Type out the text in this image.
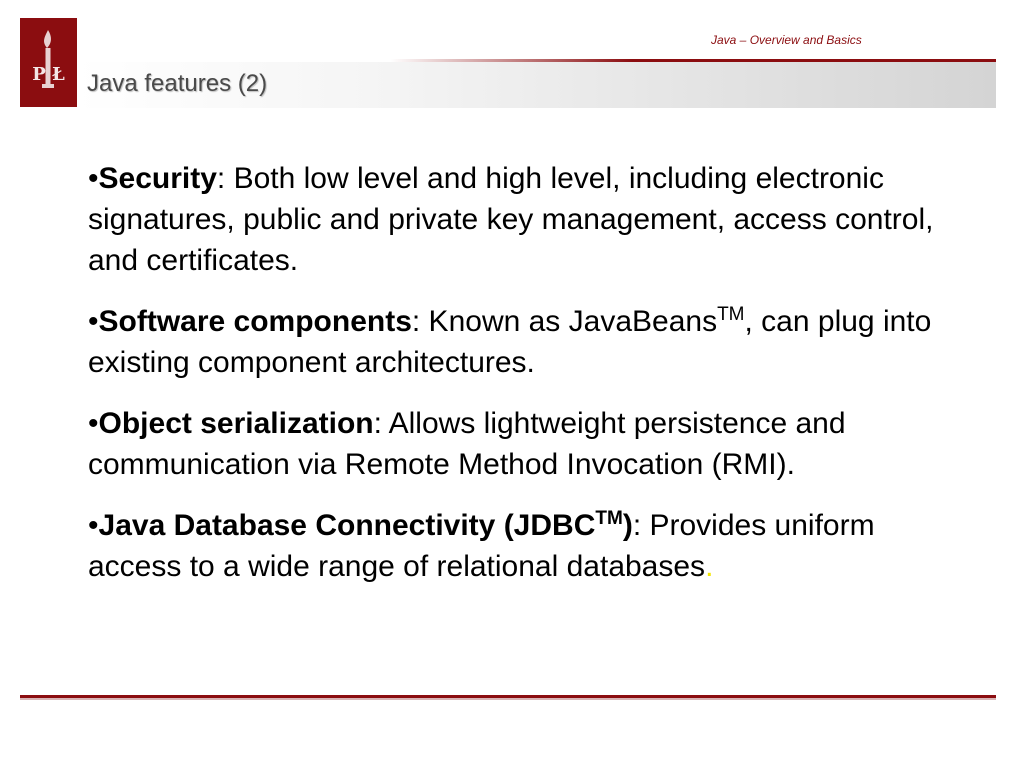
P Ł
Java – Overview and Basics
Java features (2)

•Security: Both low level and high level, including electronic signatures, public and private key management, access control, and certificates.

•Software components: Known as JavaBeans™, can plug into existing component architectures.

•Object serialization: Allows lightweight persistence and communication via Remote Method Invocation (RMI).

•Java Database Connectivity (JDBC™): Provides uniform access to a wide range of relational databases.
